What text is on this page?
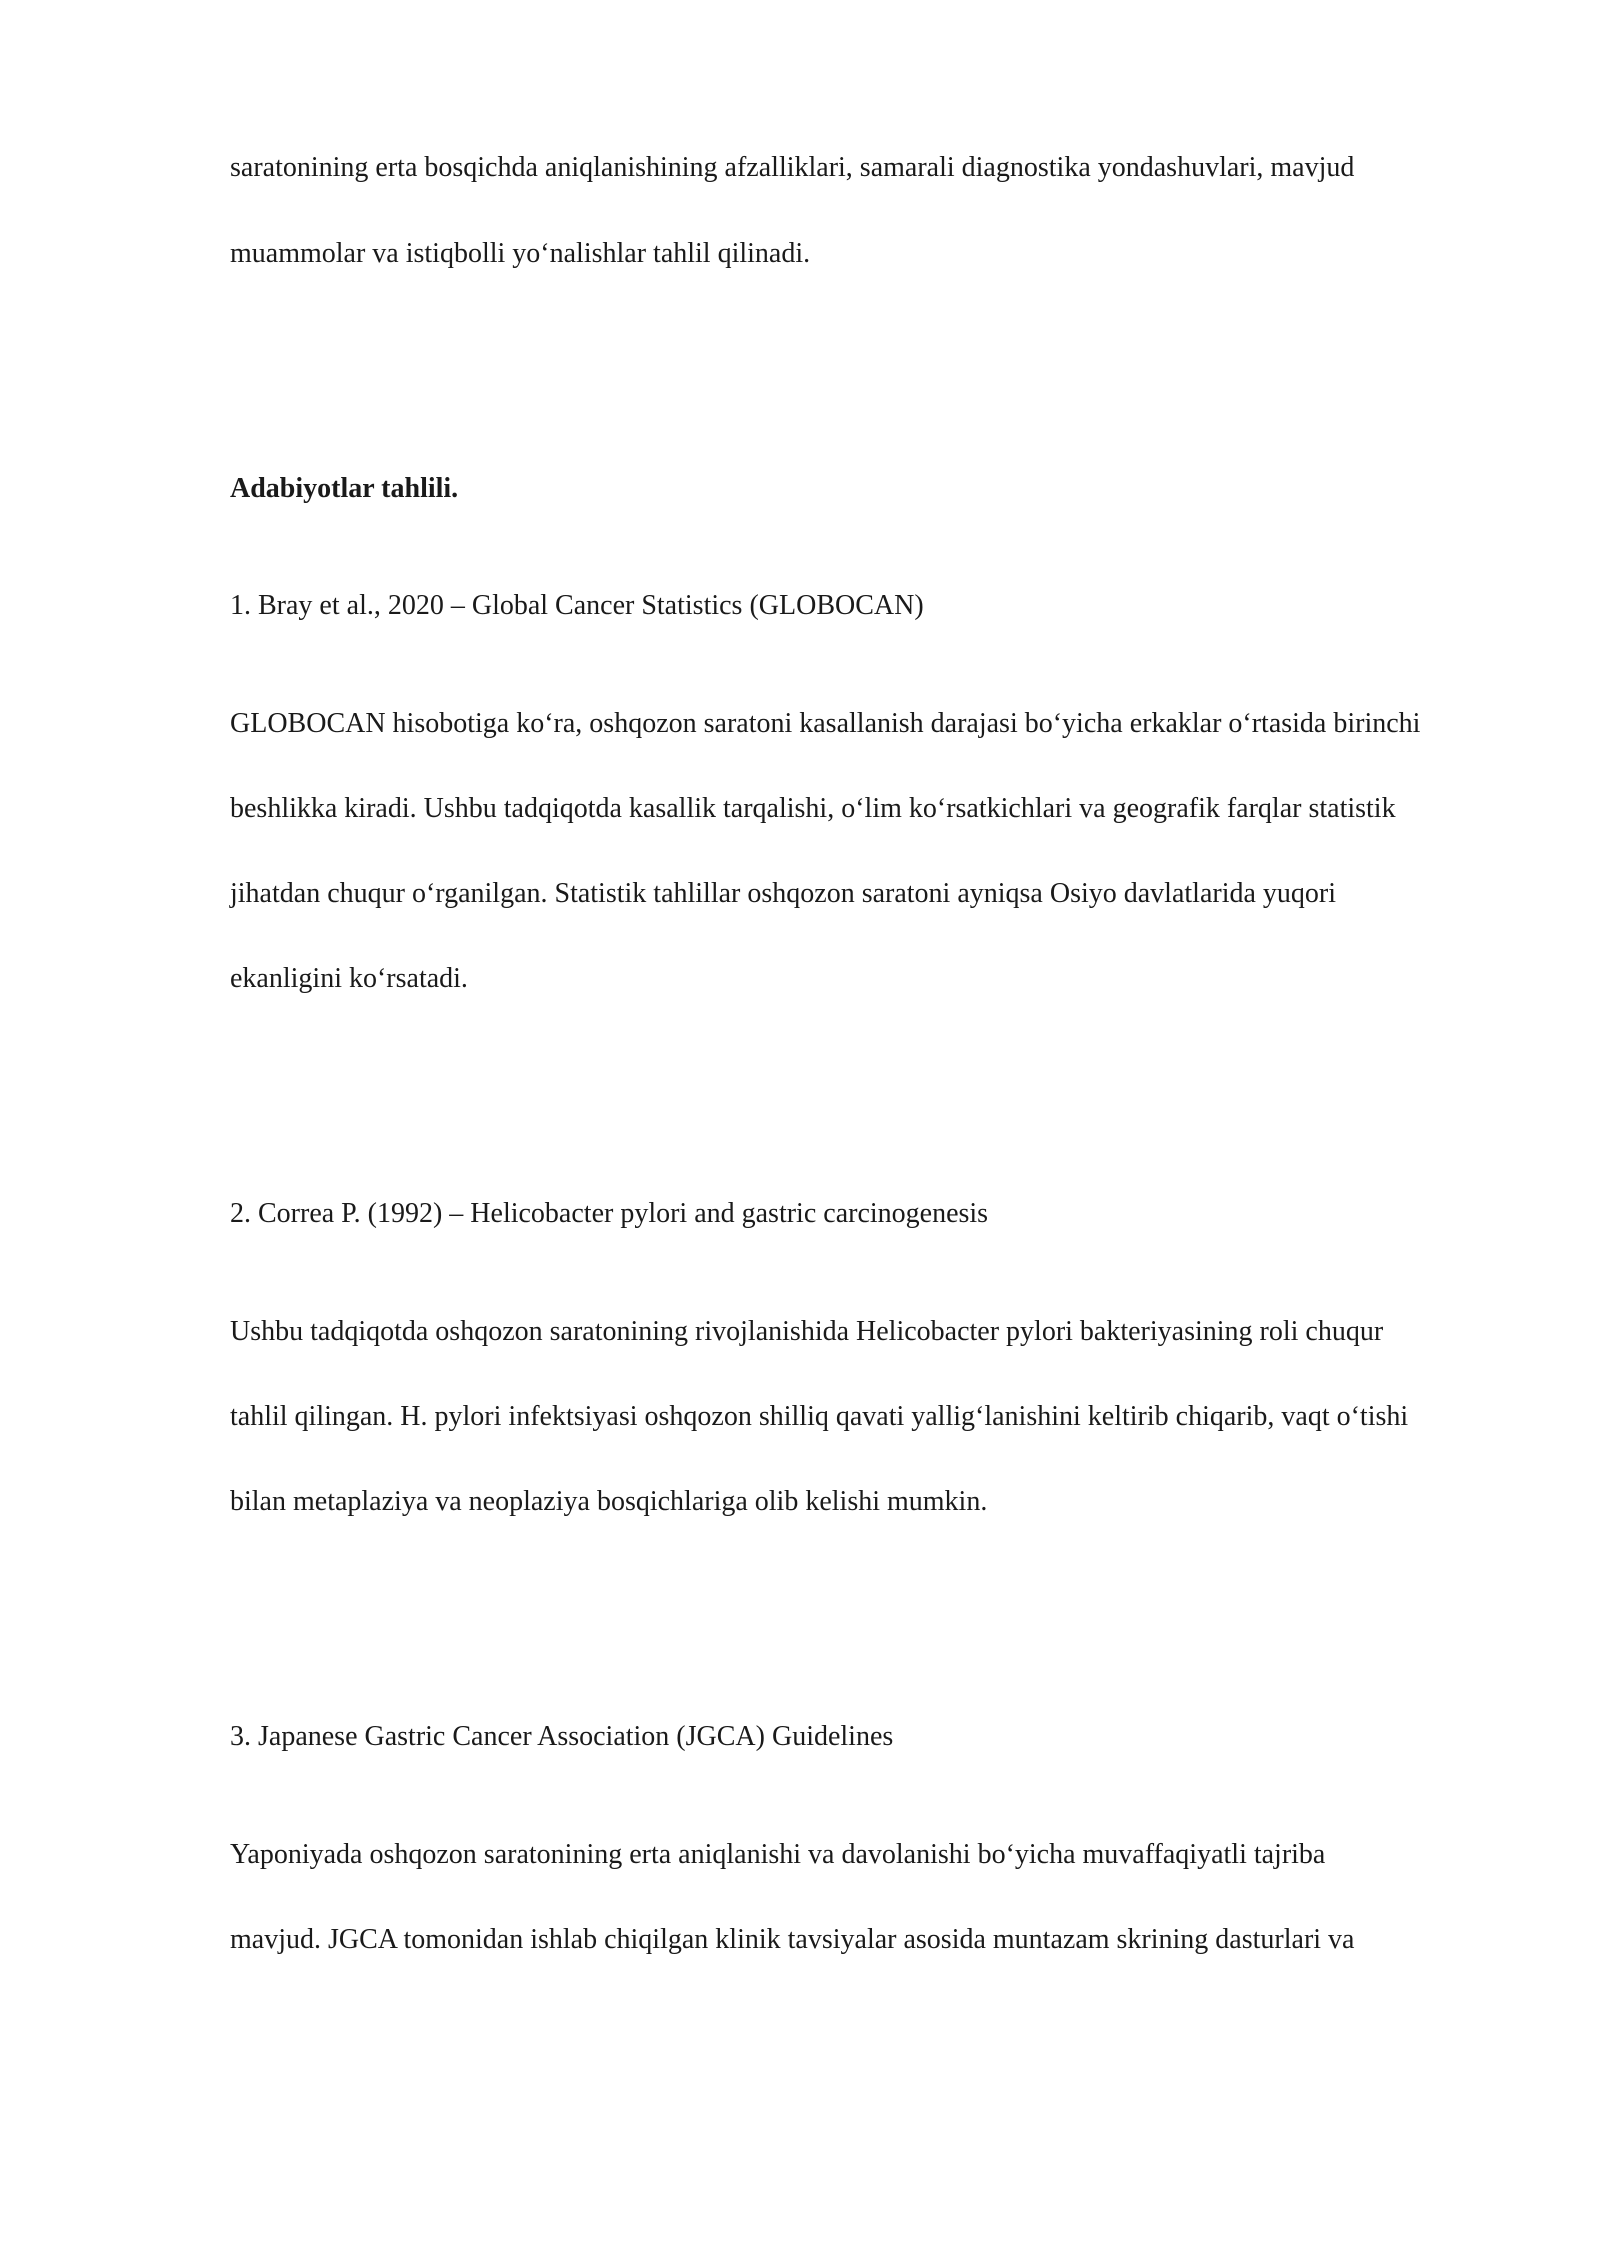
saratonining erta bosqichda aniqlanishining afzalliklari, samarali diagnostika yondashuvlari, mavjud

muammolar va istiqbolli yo‘nalishlar tahlil qilinadi.

Adabiyotlar tahlili.

1. Bray et al., 2020 – Global Cancer Statistics (GLOBOCAN)

GLOBOCAN hisobotiga ko‘ra, oshqozon saratoni kasallanish darajasi bo‘yicha erkaklar o‘rtasida birinchi

beshlikka kiradi. Ushbu tadqiqotda kasallik tarqalishi, o‘lim ko‘rsatkichlari va geografik farqlar statistik

jihatdan chuqur o‘rganilgan. Statistik tahlillar oshqozon saratoni ayniqsa Osiyo davlatlarida yuqori

ekanligini ko‘rsatadi.

2. Correa P. (1992) – Helicobacter pylori and gastric carcinogenesis

Ushbu tadqiqotda oshqozon saratonining rivojlanishida Helicobacter pylori bakteriyasining roli chuqur

tahlil qilingan. H. pylori infektsiyasi oshqozon shilliq qavati yallig‘lanishini keltirib chiqarib, vaqt o‘tishi

bilan metaplaziya va neoplaziya bosqichlariga olib kelishi mumkin.

3. Japanese Gastric Cancer Association (JGCA) Guidelines

Yaponiyada oshqozon saratonining erta aniqlanishi va davolanishi bo‘yicha muvaffaqiyatli tajriba

mavjud. JGCA tomonidan ishlab chiqilgan klinik tavsiyalar asosida muntazam skrining dasturlari va
